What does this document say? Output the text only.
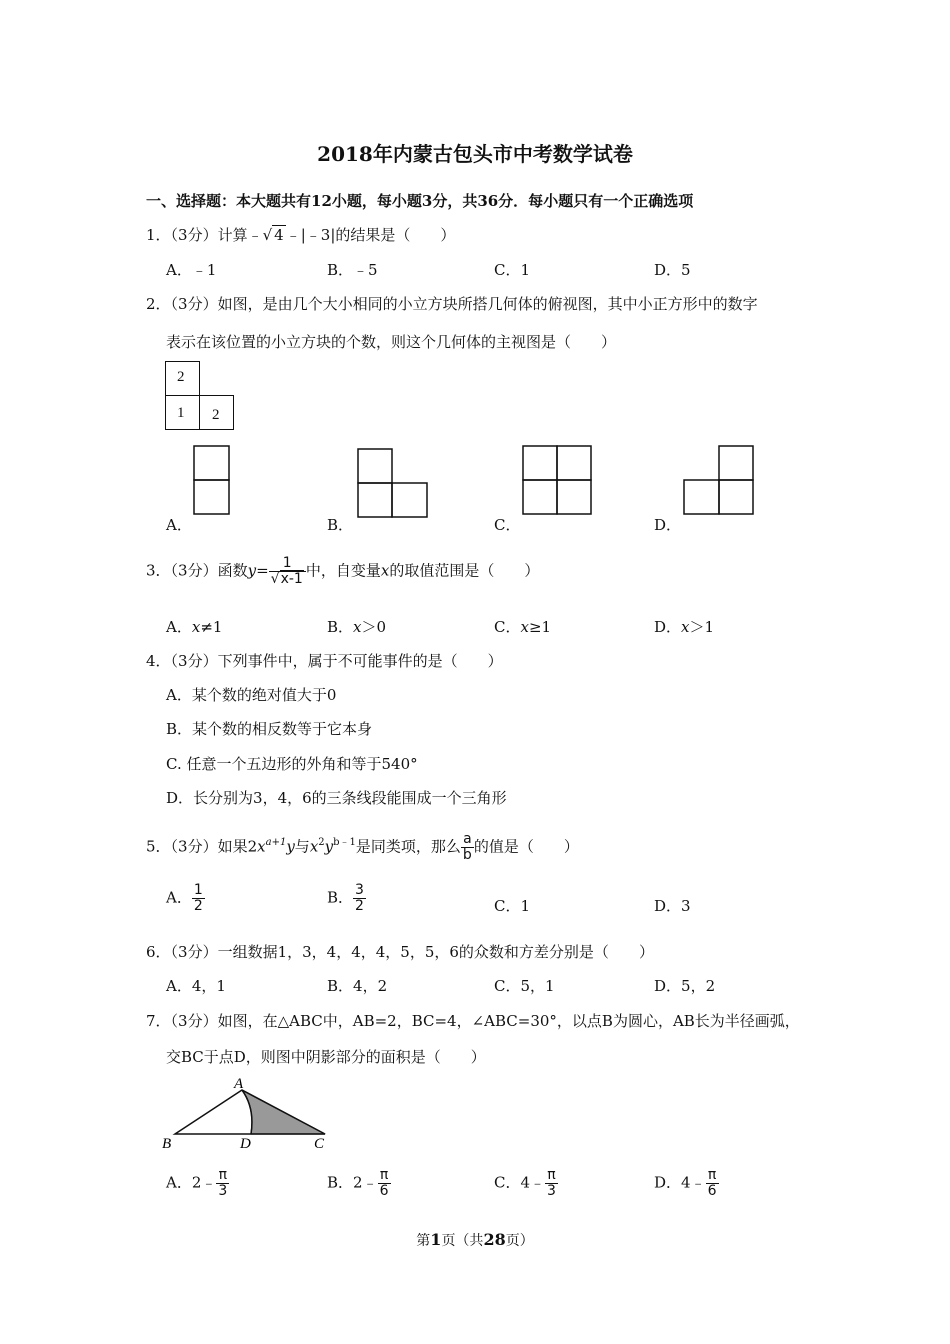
2018年内蒙古包头市中考数学试卷
一、选择题：本大题共有12小题，每小题3分，共36分．每小题只有一个正确选项
1．（3分）计算﹣√ 4 ﹣|﹣3|的结果是（　　）
A．﹣1	B．﹣5	C．1	D．5
2．（3分）如图，是由几个大小相同的小立方块所搭几何体的俯视图，其中小正方形中的数字
表示在该位置的小立方块的个数，则这个几何体的主视图是（　　）
2
1 2
A．	B．	C．	D．
3．（3分）函数$y= \frac{1}{√x-1}$ 中，自变量x的取值范围是（　　）
A．x≠1	B．x＞0	C．x≥1	D．x＞1
4．（3分）下列事件中，属于不可能事件的是（　　）
A．某个数的绝对值大于0
B．某个数的相反数等于它本身
C. 任意一个五边形的外角和等于540°
D．长分别为3，4，6的三条线段能围成一个三角形
5．（3分）如果$2x^{a+1}y$与$x^2y^{b﹣1}$是同类项，那么 $\frac{a}{b}$ 的值是（　　）
A． $\frac{1}{2}$	B． $\frac{3}{2}$	C．1	D．3
6．（3分）一组数据1，3，4，4，4，5，5，6的众数和方差分别是（　　）
A．4，1	B．4，2	C．5，1	D．5，2
7．（3分）如图，在△ABC中，AB=2，BC=4，∠ABC=30°，以点B为圆心，AB长为半径画弧，
交BC于点D，则图中阴影部分的面积是（　　）
A
B	D	C
A．2﹣ $\frac{\pi}{3}$	B．2﹣ $\frac{\pi}{6}$	C．4﹣ $\frac{\pi}{3}$	D．4﹣ $\frac{\pi}{6}$
第1页（共28页）
